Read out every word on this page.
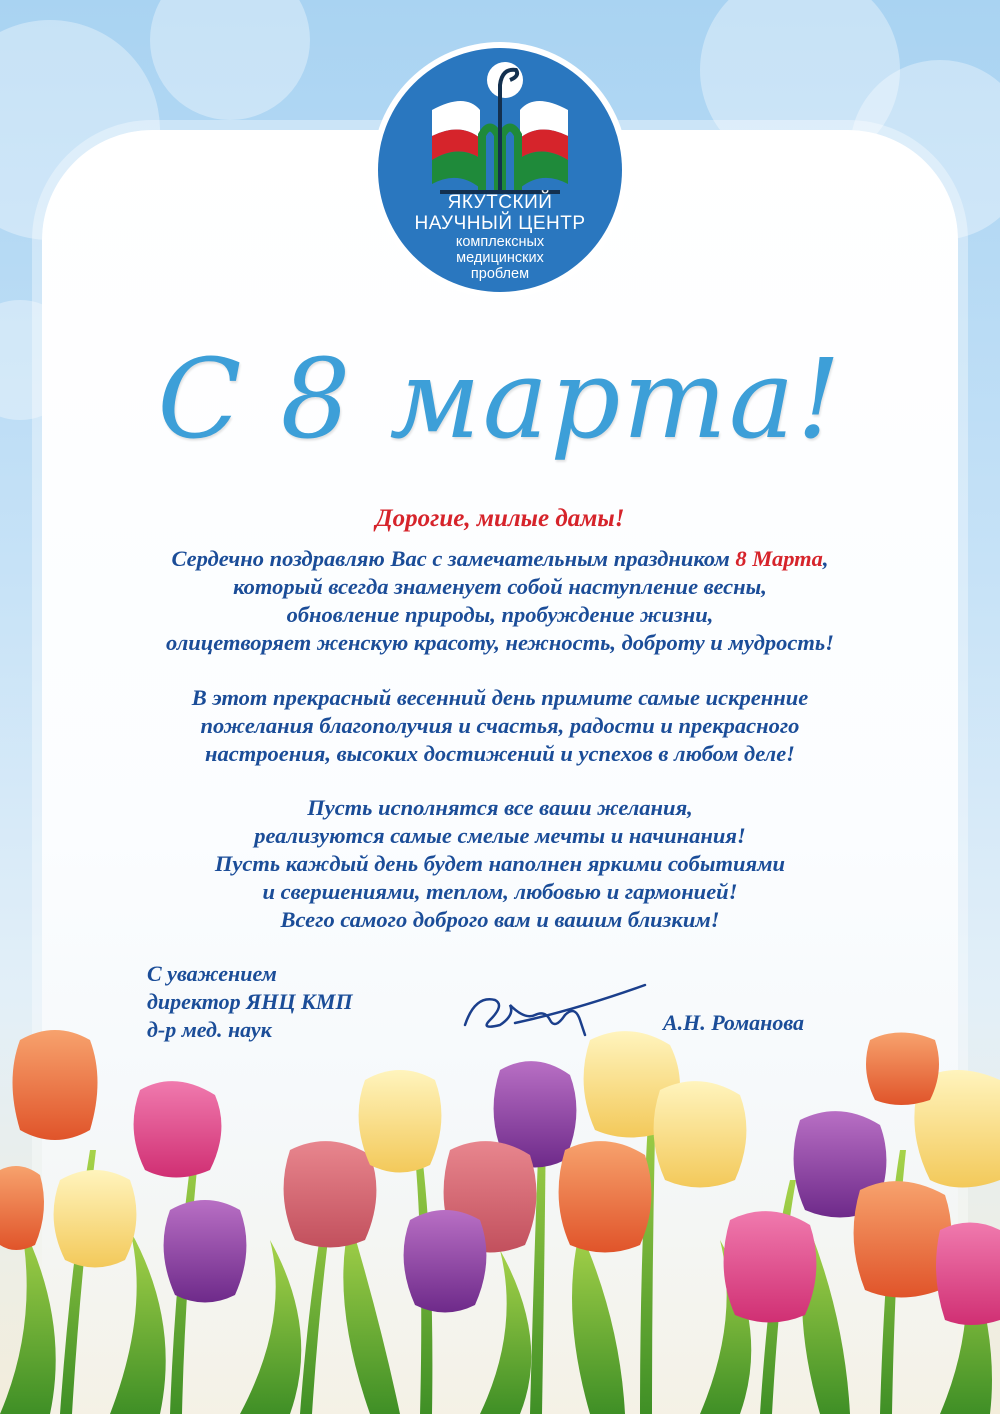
ЯКУТСКИЙ
НАУЧНЫЙ ЦЕНТР
комплексных
медицинских
проблем
С 8 марта!
Дорогие, милые дамы!
Сердечно поздравляю Вас с замечательным праздником 8 Марта,
который всегда знаменует собой наступление весны,
обновление природы, пробуждение жизни,
олицетворяет женскую красоту, нежность, доброту и мудрость!
В этот прекрасный весенний день примите самые искренние
пожелания благополучия и счастья, радости и прекрасного
настроения, высоких достижений и успехов в любом деле!
Пусть исполнятся все ваши желания,
реализуются самые смелые мечты и начинания!
Пусть каждый день будет наполнен яркими событиями
и свершениями, теплом, любовью и гармонией!
Всего самого доброго вам и вашим близким!
С уважением
директор ЯНЦ КМП
д-р мед. наук	А.Н. Романова
